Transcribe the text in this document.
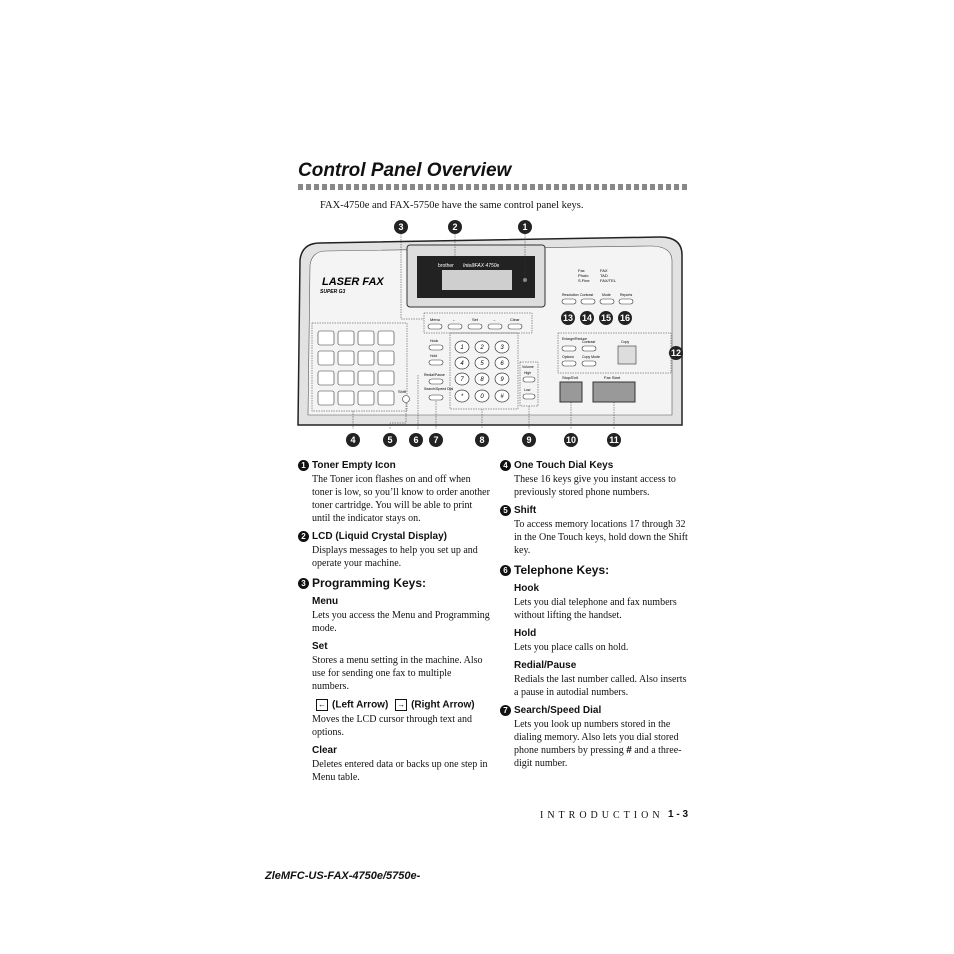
Control Panel Overview
FAX-4750e and FAX-5750e have the same control panel keys.
brother IntelliFAX 4750e
LASER FAX
SUPER G3
Fax
Photo
S.Fine
FAX
TAD
FAX/TEL
Resolution Contrast	Mode	Reports
Menu	←	Set	→	Clear
Shift
Hook
Hold
Redial/Pause
Search/Speed Dial
1	2	3
4	5	6
7	8	9
*	0	#
Volume
High
Low
Stop/Exit	Fax Start
Enlarge/Reduce
Contrast
Options Copy Mode
Copy
3	2	1
13 14 15 16
12
4	5	6	7	8	9	10	11
1 Toner Empty Icon

The Toner icon flashes on and off when toner is low, so you’ll know to order another toner cartridge. You will be able to print until the indicator stays on.

2 LCD (Liquid Crystal Display)

Displays messages to help you set up and operate your machine.

3 Programming Keys:
Menu

Lets you access the Menu and Programming mode.

Set

Stores a menu setting in the machine. Also use for sending one fax to multiple numbers.

← (Left Arrow) → (Right Arrow)

Moves the LCD cursor through text and options.

Clear

Deletes entered data or backs up one step in Menu table.

4 One Touch Dial Keys

These 16 keys give you instant access to previously stored phone numbers.

5 Shift

To access memory locations 17 through 32 in the One Touch keys, hold down the Shift key.

6 Telephone Keys:
Hook

Lets you dial telephone and fax numbers without lifting the handset.

Hold

Lets you place calls on hold.

Redial/Pause

Redials the last number called. Also inserts a pause in autodial numbers.

7 Search/Speed Dial

Lets you look up numbers stored in the dialing memory. Also lets you dial stored phone numbers by pressing # and a three-digit number.

INTRODUCTION 1 - 3
ZleMFC-US-FAX-4750e/5750e-
